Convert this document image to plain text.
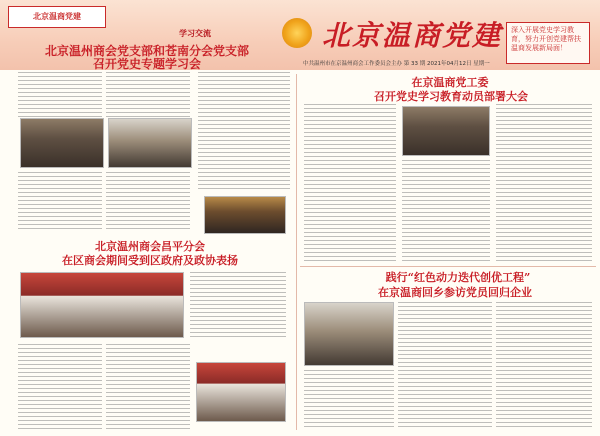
北京温商党建
学习交流	北京温商党建	深入开展党史学习教育，努力开创党建帮扶温商发展新局面！
中共温州市在京温州商会工作委员会主办 第 33 期 2021年04月12日 星期一
北京温州商会党支部和苍南分会党支部
召开党史专题学习会
北京温州商会昌平分会
在区商会期间受到区政府及政协表扬
在京温商党工委
召开党史学习教育动员部署大会
践行“红色动力迭代创优工程”
在京温商回乡参访党员回归企业
